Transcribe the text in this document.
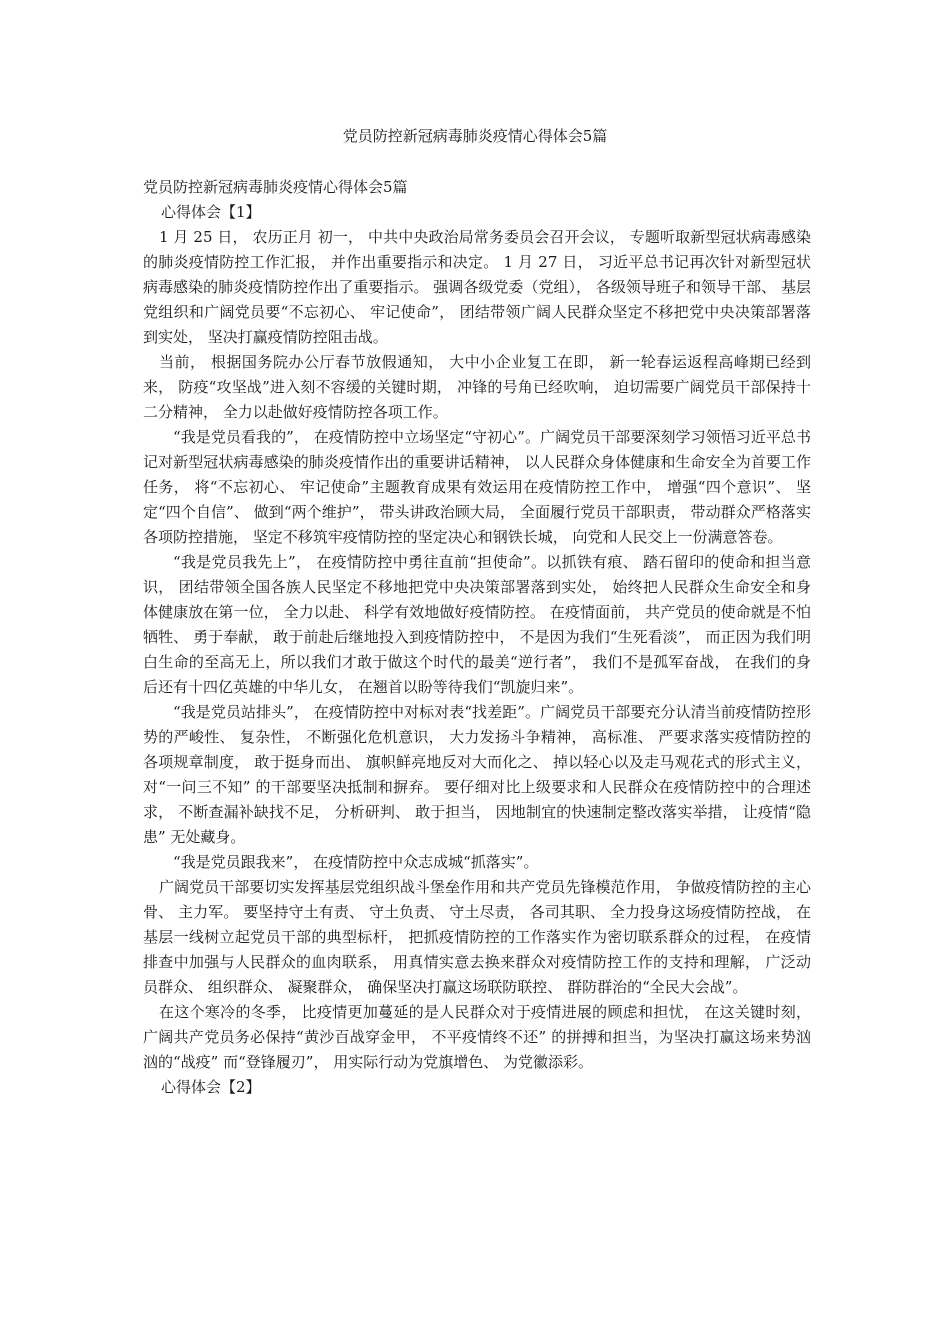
党员防控新冠病毒肺炎疫情心得体会5篇

党员防控新冠病毒肺炎疫情心得体会5篇

心得体会【1】

1 月 25 日， 农历正月 初一， 中共中央政治局常务委员会召开会议， 专题听取新型冠状病毒感染的肺炎疫情防控工作汇报， 并作出重要指示和决定。 1 月 27 日， 习近平总书记再次针对新型冠状病毒感染的肺炎疫情防控作出了重要指示。 强调各级党委（党组）， 各级领导班子和领导干部、 基层党组织和广阔党员要“不忘初心、 牢记使命”， 团结带领广阔人民群众坚定不移把党中央决策部署落到实处， 坚决打赢疫情防控阻击战。

当前， 根据国务院办公厅春节放假通知， 大中小企业复工在即， 新一轮春运返程高峰期已经到来， 防疫“攻坚战”进入刻不容缓的关键时期， 冲锋的号角已经吹响， 迫切需要广阔党员干部保持十二分精神， 全力以赴做好疫情防控各项工作。

“我是党员看我的”， 在疫情防控中立场坚定“守初心”。广阔党员干部要深刻学习领悟习近平总书记对新型冠状病毒感染的肺炎疫情作出的重要讲话精神， 以人民群众身体健康和生命安全为首要工作任务， 将“不忘初心、 牢记使命”主题教育成果有效运用在疫情防控工作中， 增强“四个意识”、 坚定“四个自信”、 做到“两个维护”， 带头讲政治顾大局， 全面履行党员干部职责， 带动群众严格落实各项防控措施， 坚定不移筑牢疫情防控的坚定决心和钢铁长城， 向党和人民交上一份满意答卷。

“我是党员我先上”， 在疫情防控中勇往直前“担使命”。以抓铁有痕、 踏石留印的使命和担当意识， 团结带领全国各族人民坚定不移地把党中央决策部署落到实处， 始终把人民群众生命安全和身体健康放在第一位， 全力以赴、 科学有效地做好疫情防控。 在疫情面前， 共产党员的使命就是不怕牺牲、 勇于奉献， 敢于前赴后继地投入到疫情防控中， 不是因为我们“生死看淡”， 而正因为我们明白生命的至高无上，所以我们才敢于做这个时代的最美“逆行者”， 我们不是孤军奋战， 在我们的身后还有十四亿英雄的中华儿女， 在翘首以盼等待我们“凯旋归来”。

“我是党员站排头”， 在疫情防控中对标对表“找差距”。广阔党员干部要充分认清当前疫情防控形势的严峻性、 复杂性， 不断强化危机意识， 大力发扬斗争精神， 高标准、 严要求落实疫情防控的各项规章制度， 敢于挺身而出、 旗帜鲜亮地反对大而化之、 掉以轻心以及走马观花式的形式主义， 对“一问三不知” 的干部要坚决抵制和摒弃。 要仔细对比上级要求和人民群众在疫情防控中的合理述求， 不断查漏补缺找不足， 分析研判、 敢于担当， 因地制宜的快速制定整改落实举措， 让疫情“隐患” 无处藏身。

“我是党员跟我来”， 在疫情防控中众志成城“抓落实”。

广阔党员干部要切实发挥基层党组织战斗堡垒作用和共产党员先锋模范作用， 争做疫情防控的主心骨、 主力军。 要坚持守土有责、 守土负责、 守土尽责， 各司其职、 全力投身这场疫情防控战， 在基层一线树立起党员干部的典型标杆， 把抓疫情防控的工作落实作为密切联系群众的过程， 在疫情排查中加强与人民群众的血肉联系， 用真情实意去换来群众对疫情防控工作的支持和理解， 广泛动员群众、 组织群众、 凝聚群众， 确保坚决打赢这场联防联控、 群防群治的“全民大会战”。

在这个寒冷的冬季， 比疫情更加蔓延的是人民群众对于疫情进展的顾虑和担忧， 在这关键时刻， 广阔共产党员务必保持“黄沙百战穿金甲， 不平疫情终不还” 的拼搏和担当，为坚决打赢这场来势汹汹的“战疫” 而“登锋履刃”， 用实际行动为党旗增色、 为党徽添彩。

心得体会【2】
